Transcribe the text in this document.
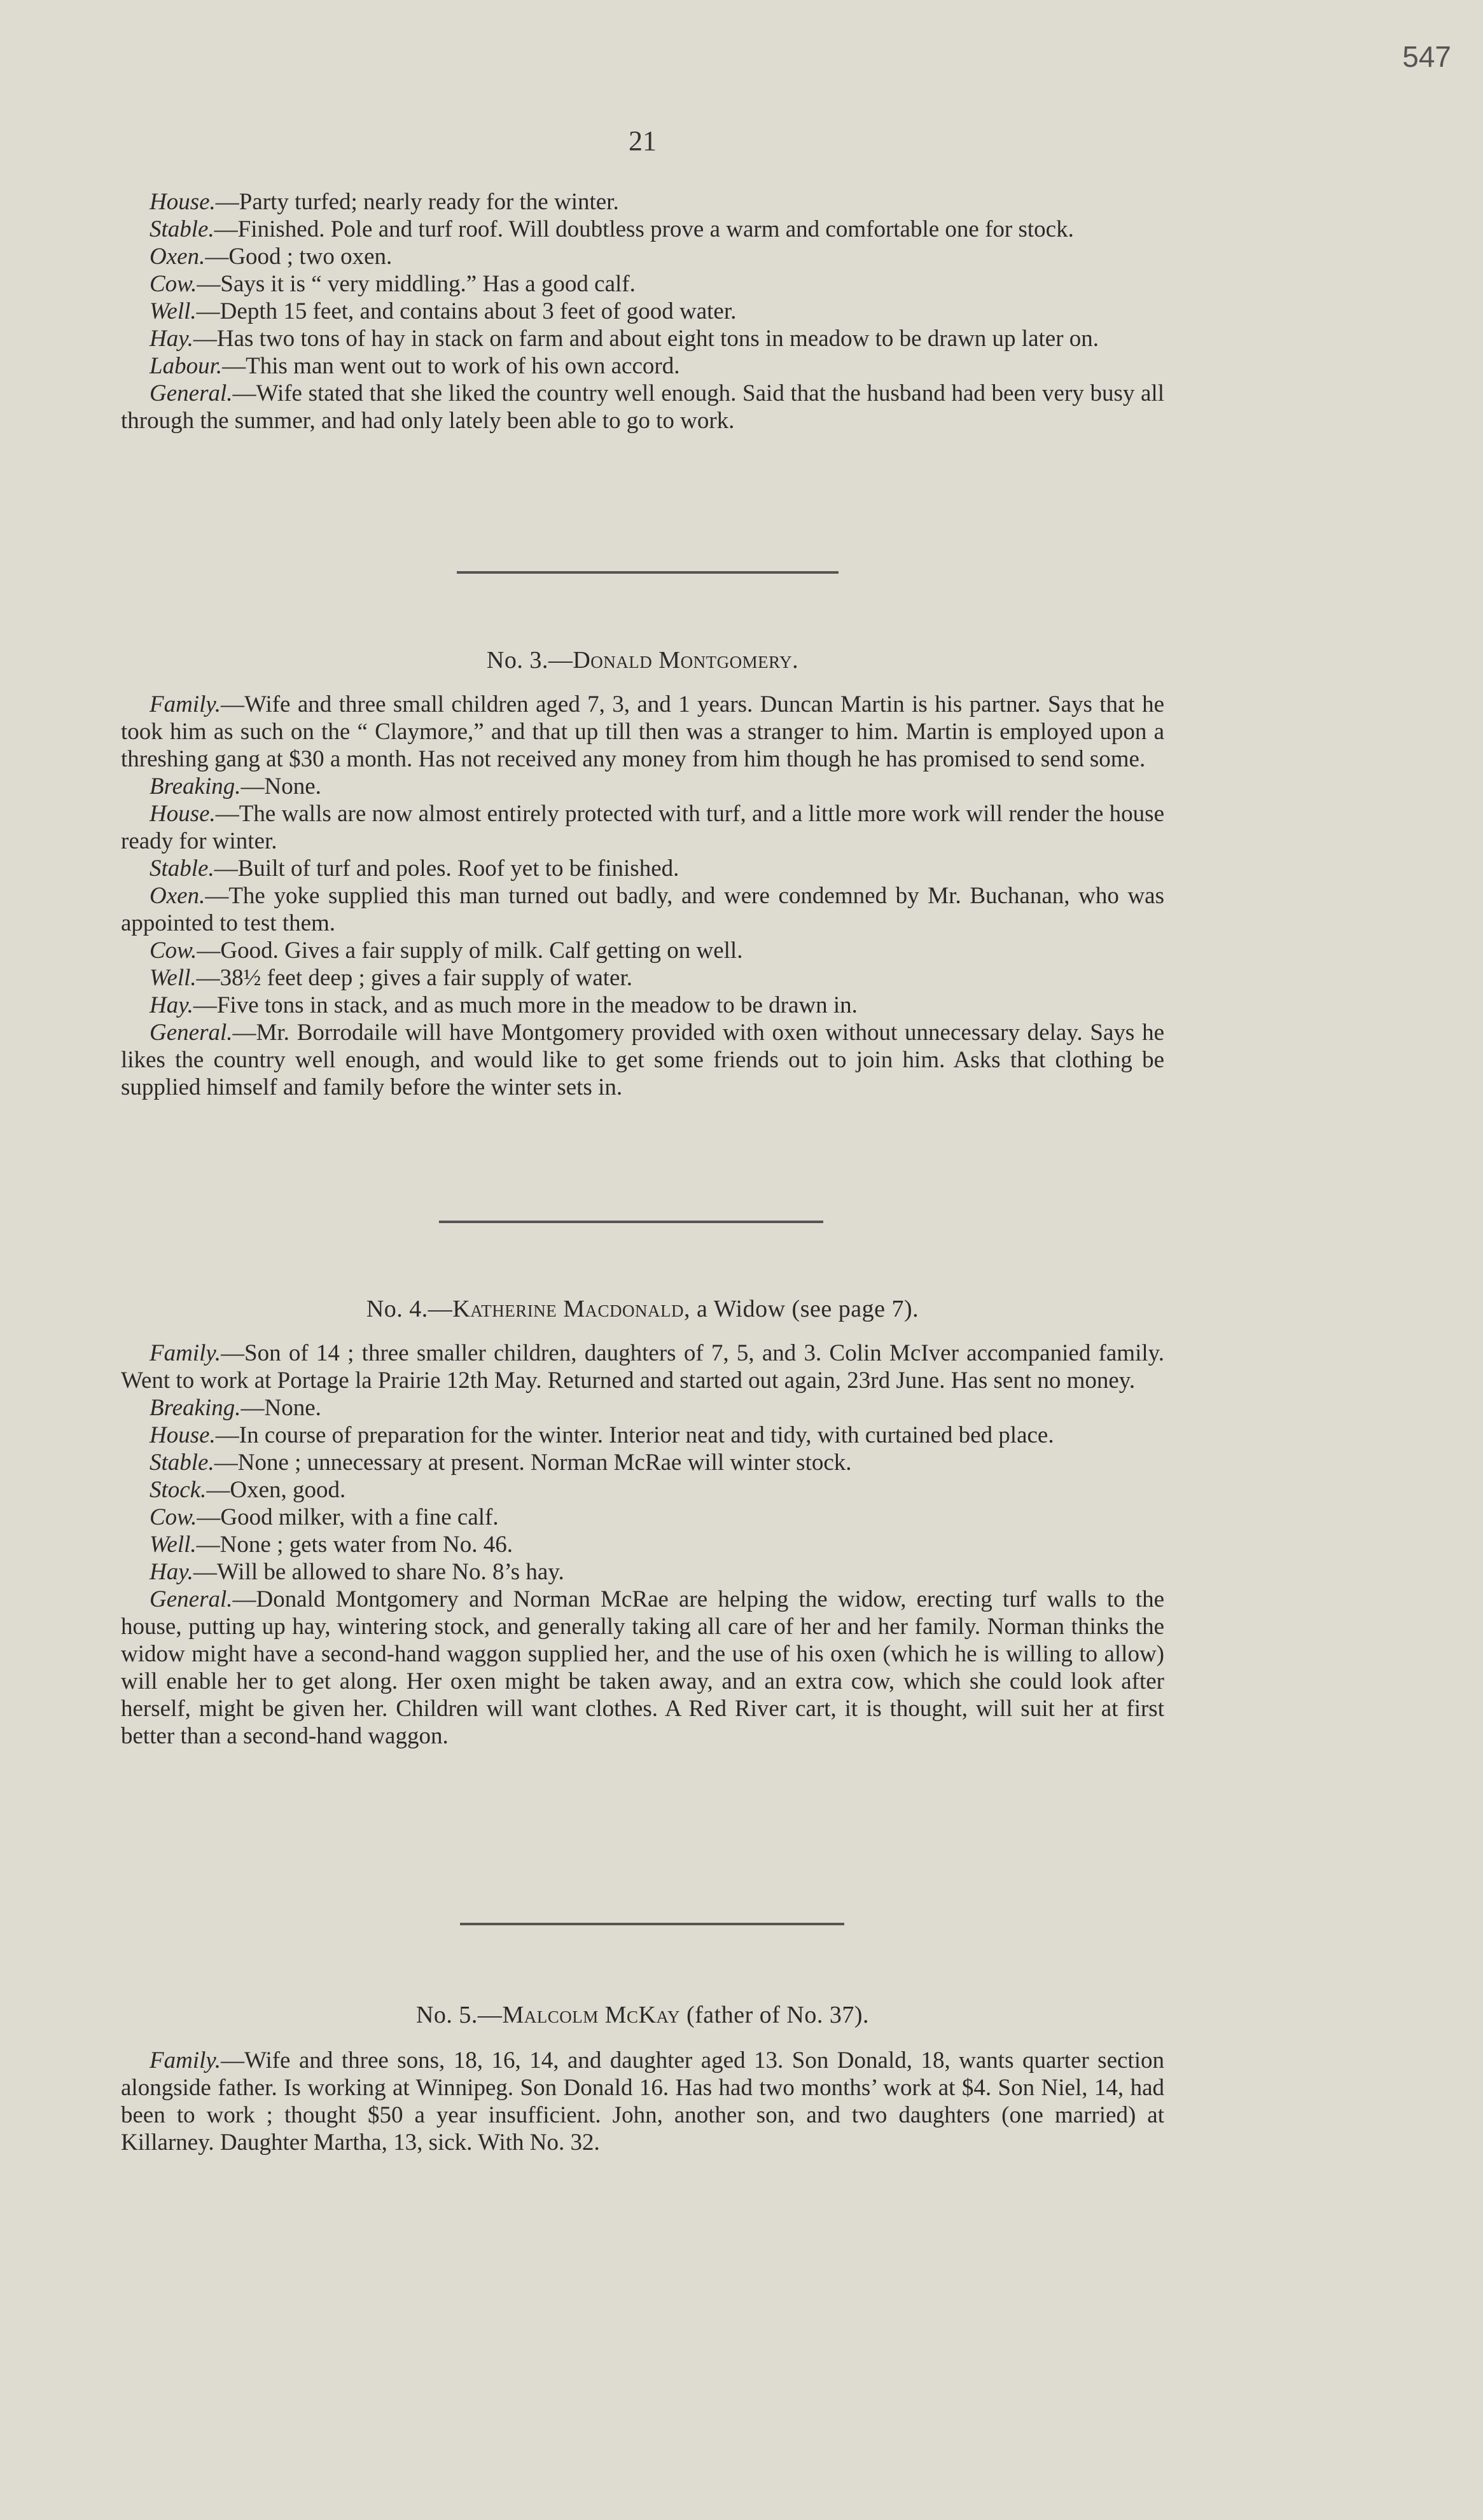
547
21

House.—Party turfed; nearly ready for the winter.

Stable.—Finished. Pole and turf roof. Will doubtless prove a warm and comfortable one for stock.

Oxen.—Good ; two oxen.

Cow.—Says it is “ very middling.” Has a good calf.

Well.—Depth 15 feet, and contains about 3 feet of good water.

Hay.—Has two tons of hay in stack on farm and about eight tons in meadow to be drawn up later on.

Labour.—This man went out to work of his own accord.

General.—Wife stated that she liked the country well enough. Said that the husband had been very busy all through the summer, and had only lately been able to go to work.

No. 3.—Donald Montgomery.

Family.—Wife and three small children aged 7, 3, and 1 years. Duncan Martin is his partner. Says that he took him as such on the “ Claymore,” and that up till then was a stranger to him. Martin is employed upon a threshing gang at $30 a month. Has not received any money from him though he has promised to send some.

Breaking.—None.

House.—The walls are now almost entirely protected with turf, and a little more work will render the house ready for winter.

Stable.—Built of turf and poles. Roof yet to be finished.

Oxen.—The yoke supplied this man turned out badly, and were condemned by Mr. Buchanan, who was appointed to test them.

Cow.—Good. Gives a fair supply of milk. Calf getting on well.

Well.—38½ feet deep ; gives a fair supply of water.

Hay.—Five tons in stack, and as much more in the meadow to be drawn in.

General.—Mr. Borrodaile will have Montgomery provided with oxen without unnecessary delay. Says he likes the country well enough, and would like to get some friends out to join him. Asks that clothing be supplied himself and family before the winter sets in.

No. 4.—Katherine Macdonald, a Widow (see page 7).

Family.—Son of 14 ; three smaller children, daughters of 7, 5, and 3. Colin McIver accompanied family. Went to work at Portage la Prairie 12th May. Returned and started out again, 23rd June. Has sent no money.

Breaking.—None.

House.—In course of preparation for the winter. Interior neat and tidy, with curtained bed place.

Stable.—None ; unnecessary at present. Norman McRae will winter stock.

Stock.—Oxen, good.

Cow.—Good milker, with a fine calf.

Well.—None ; gets water from No. 46.

Hay.—Will be allowed to share No. 8’s hay.

General.—Donald Montgomery and Norman McRae are helping the widow, erecting turf walls to the house, putting up hay, wintering stock, and generally taking all care of her and her family. Norman thinks the widow might have a second-hand waggon supplied her, and the use of his oxen (which he is willing to allow) will enable her to get along. Her oxen might be taken away, and an extra cow, which she could look after herself, might be given her. Children will want clothes. A Red River cart, it is thought, will suit her at first better than a second-hand waggon.

No. 5.—Malcolm McKay (father of No. 37).

Family.—Wife and three sons, 18, 16, 14, and daughter aged 13. Son Donald, 18, wants quarter section alongside father. Is working at Winnipeg. Son Donald 16. Has had two months’ work at $4. Son Niel, 14, had been to work ; thought $50 a year insufficient. John, another son, and two daughters (one married) at Killarney. Daughter Martha, 13, sick. With No. 32.
